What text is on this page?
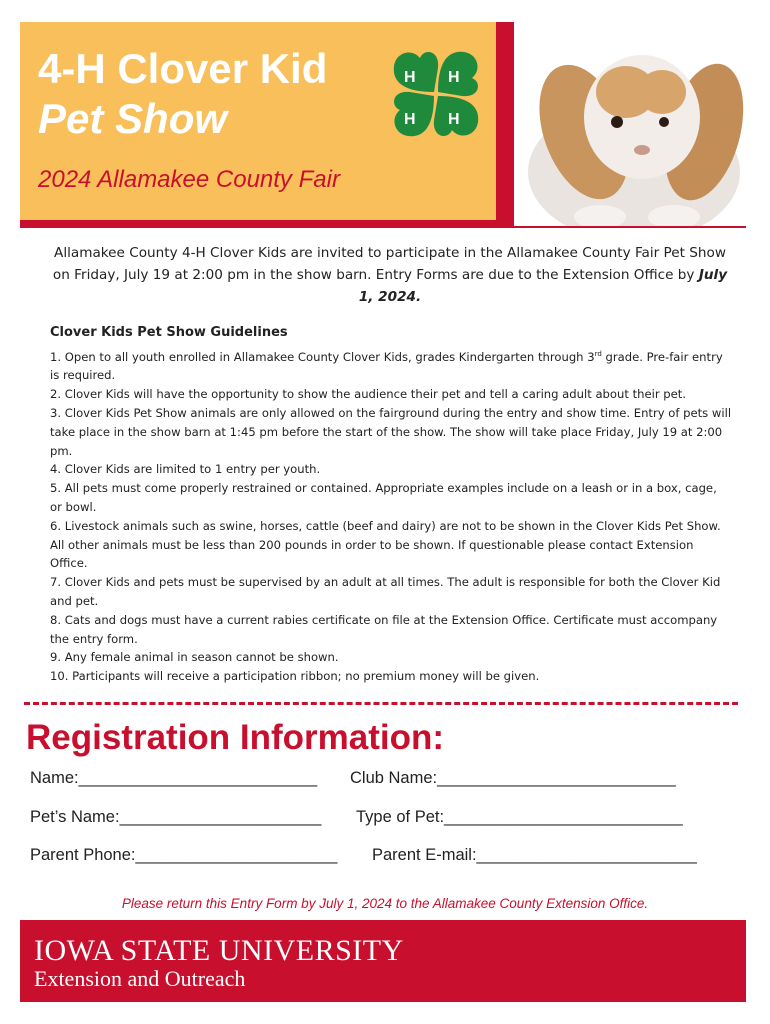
4-H Clover Kid
Pet Show
2024 Allamakee County Fair
H H
H
H
Allamakee County 4-H Clover Kids are invited to participate in the Allamakee County Fair Pet Show on Friday, July 19 at 2:00 pm in the show barn. Entry Forms are due to the Extension Office by July 1, 2024.
Clover Kids Pet Show Guidelines

1. Open to all youth enrolled in Allamakee County Clover Kids, grades Kindergarten through 3rd grade. Pre-fair entry is required.

2. Clover Kids will have the opportunity to show the audience their pet and tell a caring adult about their pet.

3. Clover Kids Pet Show animals are only allowed on the fairground during the entry and show time. Entry of pets will take place in the show barn at 1:45 pm before the start of the show. The show will take place Friday, July 19 at 2:00 pm.

4. Clover Kids are limited to 1 entry per youth.

5. All pets must come properly restrained or contained. Appropriate examples include on a leash or in a box, cage, or bowl.

6. Livestock animals such as swine, horses, cattle (beef and dairy) are not to be shown in the Clover Kids Pet Show. All other animals must be less than 200 pounds in order to be shown. If questionable please contact Extension Office.

7. Clover Kids and pets must be supervised by an adult at all times. The adult is responsible for both the Clover Kid and pet.

8. Cats and dogs must have a current rabies certificate on file at the Extension Office. Certificate must accompany the entry form.

9. Any female animal in season cannot be shown.

10. Participants will receive a participation ribbon; no premium money will be given.

Registration Information:
Name:__________________________ Club Name:__________________________
Pet’s Name:______________________ Type of Pet:__________________________
Parent Phone:______________________ Parent E-mail:________________________
Please return this Entry Form by July 1, 2024 to the Allamakee County Extension Office.
IOWA STATE UNIVERSITY
Extension and Outreach
